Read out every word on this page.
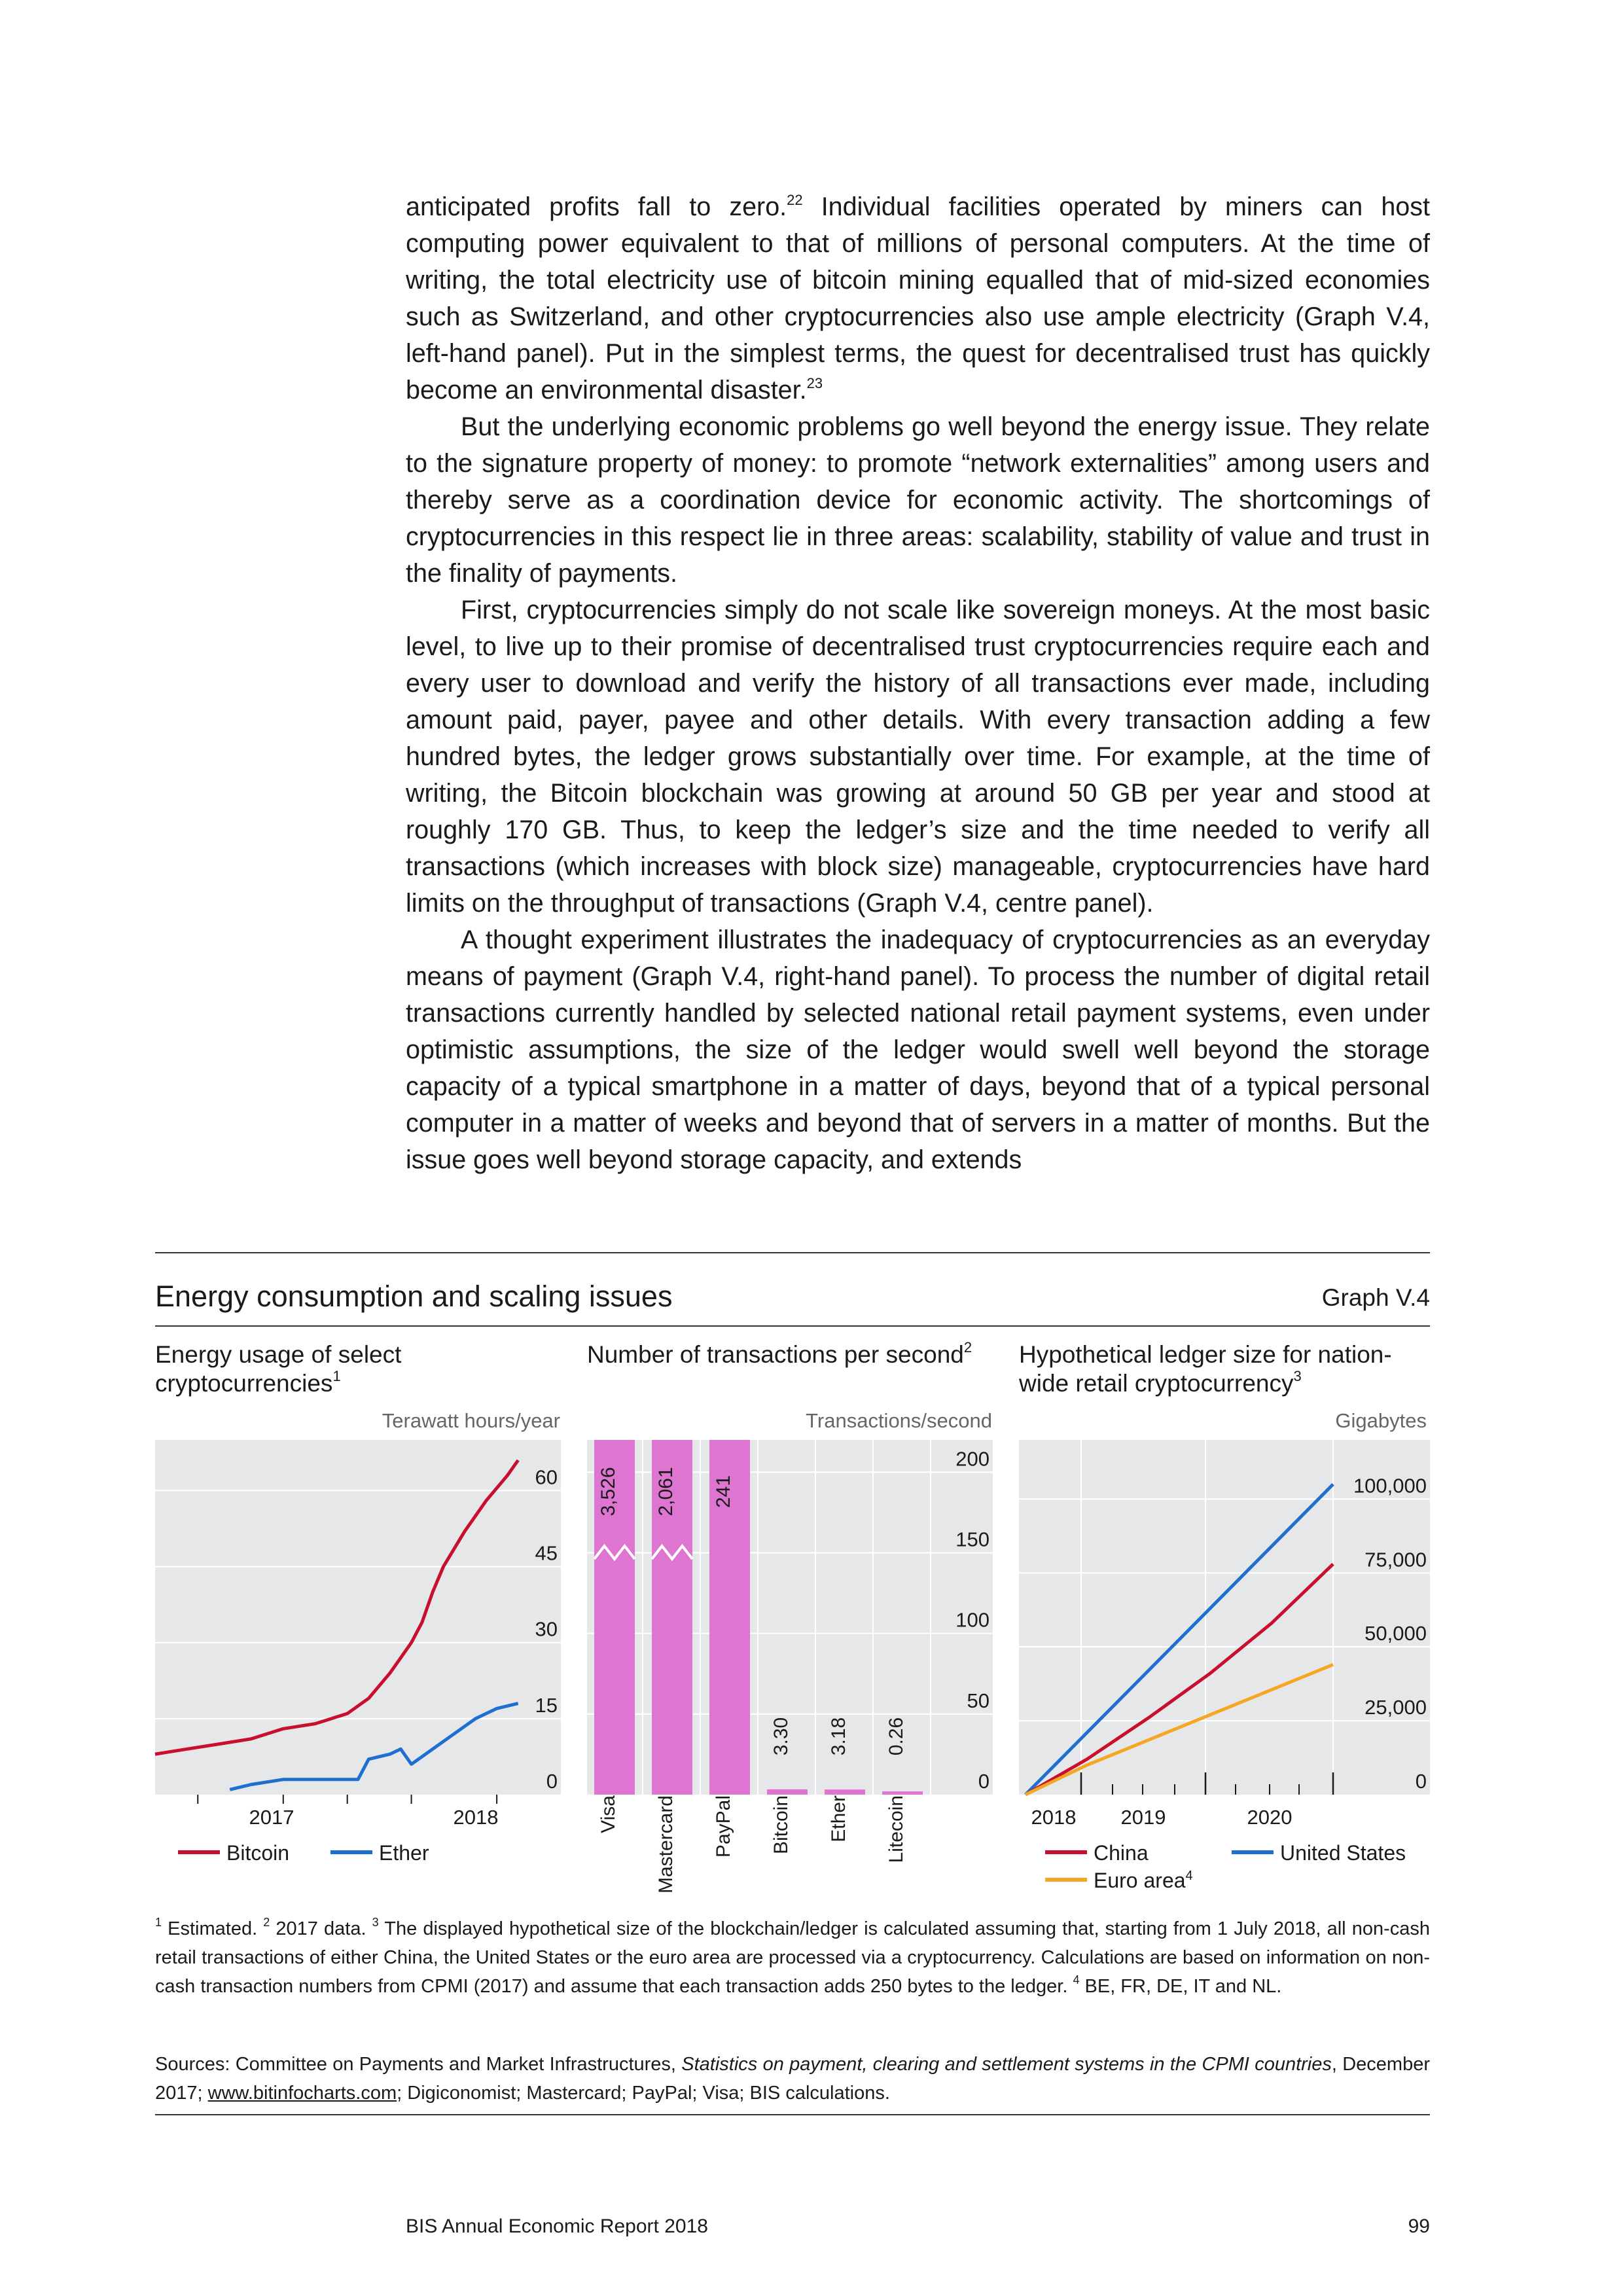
anticipated profits fall to zero.$^{22}$ Individual facilities operated by miners can host computing power equivalent to that of millions of personal computers. At the time of writing, the total electricity use of bitcoin mining equalled that of mid-sized economies such as Switzerland, and other cryptocurrencies also use ample electricity (Graph V.4, left-hand panel). Put in the simplest terms, the quest for decentralised trust has quickly become an environmental disaster.$^{23}$

But the underlying economic problems go well beyond the energy issue. They relate to the signature property of money: to promote “network externalities” among users and thereby serve as a coordination device for economic activity. The shortcomings of cryptocurrencies in this respect lie in three areas: scalability, stability of value and trust in the finality of payments.

First, cryptocurrencies simply do not scale like sovereign moneys. At the most basic level, to live up to their promise of decentralised trust cryptocurrencies require each and every user to download and verify the history of all transactions ever made, including amount paid, payer, payee and other details. With every transaction adding a few hundred bytes, the ledger grows substantially over time. For example, at the time of writing, the Bitcoin blockchain was growing at around 50 GB per year and stood at roughly 170 GB. Thus, to keep the ledger’s size and the time needed to verify all transactions (which increases with block size) manageable, cryptocurrencies have hard limits on the throughput of transactions (Graph V.4, centre panel).

A thought experiment illustrates the inadequacy of cryptocurrencies as an everyday means of payment (Graph V.4, right-hand panel). To process the number of digital retail transactions currently handled by selected national retail payment systems, even under optimistic assumptions, the size of the ledger would swell well beyond the storage capacity of a typical smartphone in a matter of days, beyond that of a typical personal computer in a matter of weeks and beyond that of servers in a matter of months. But the issue goes well beyond storage capacity, and extends

Energy consumption and scaling issues	Graph V.4
Energy usage of select
cryptocurrencies$^1$
Number of transactions per second$^2$	Hypothetical ledger size for nation-
wide retail cryptocurrency$^3$
Terawatt hours/year
60
45
30
15
0
2017	2018
Bitcoin	Ether
Transactions/second
200
150
100
50
0
3,526
Visa
2,061
Mastercard
241
PayPal
3.30
Bitcoin
3.18
Ether
0.26
Litecoin
Gigabytes
100,000
75,000
50,000
25,000
0
2018 2019	2020
China	United States
Euro area$^4$

$^1$ Estimated. $^2$ 2017 data. $^3$ The displayed hypothetical size of the blockchain/ledger is calculated assuming that, starting from 1 July 2018, all non-cash retail transactions of either China, the United States or the euro area are processed via a cryptocurrency. Calculations are based on information on non-cash transaction numbers from CPMI (2017) and assume that each transaction adds 250 bytes to the ledger. $^4$ BE, FR, DE, IT and NL.

Sources: Committee on Payments and Market Infrastructures, Statistics on payment, clearing and settlement systems in the CPMI countries, December 2017; www.bitinfocharts.com; Digiconomist; Mastercard; PayPal; Visa; BIS calculations.
BIS Annual Economic Report 2018	99
